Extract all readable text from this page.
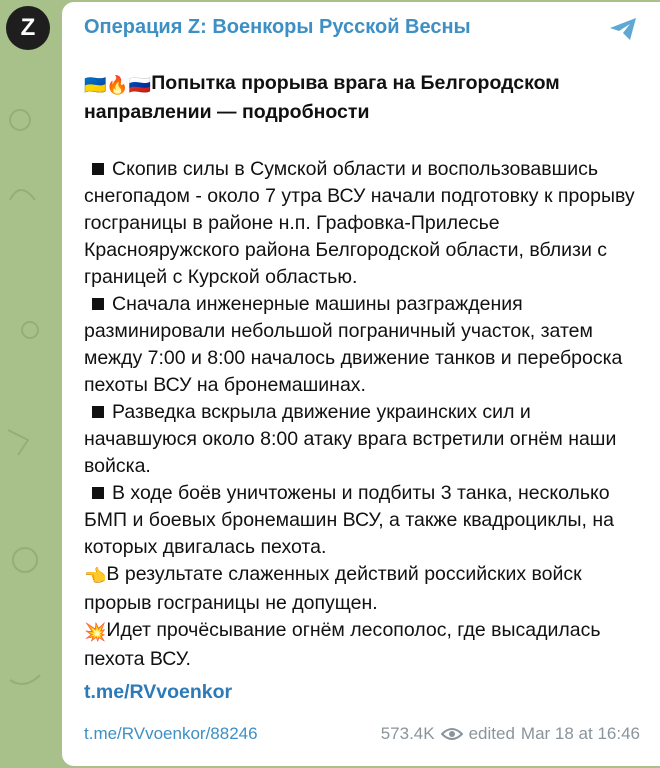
Z Операция Z: Военкоры Русской Весны
🇺🇦🔥🇷🇺Попытка прорыва врага на Белгородском направлении — подробности

Скопив силы в Сумской области и воспользовавшись снегопадом - около 7 утра ВСУ начали подготовку к прорыву госграницы в районе н.п. Графовка-Прилесье Краснояружского района Белгородской области, вблизи с границей с Курской областью.

Сначала инженерные машины разграждения разминировали небольшой пограничный участок, затем между 7:00 и 8:00 началось движение танков и переброска пехоты ВСУ на бронемашинах.

Разведка вскрыла движение украинских сил и начавшуюся около 8:00 атаку врага встретили огнём наши войска.

В ходе боёв уничтожены и подбиты 3 танка, несколько БМП и боевых бронемашин ВСУ, а также квадроциклы, на которых двигалась пехота.

👈В результате слаженных действий российских войск прорыв госграницы не допущен.

💥Идет прочёсывание огнём лесополос, где высадилась пехота ВСУ.

t.me/RVvoenkor
t.me/RVvoenkor/88246	573.4K edited Mar 18 at 16:46
